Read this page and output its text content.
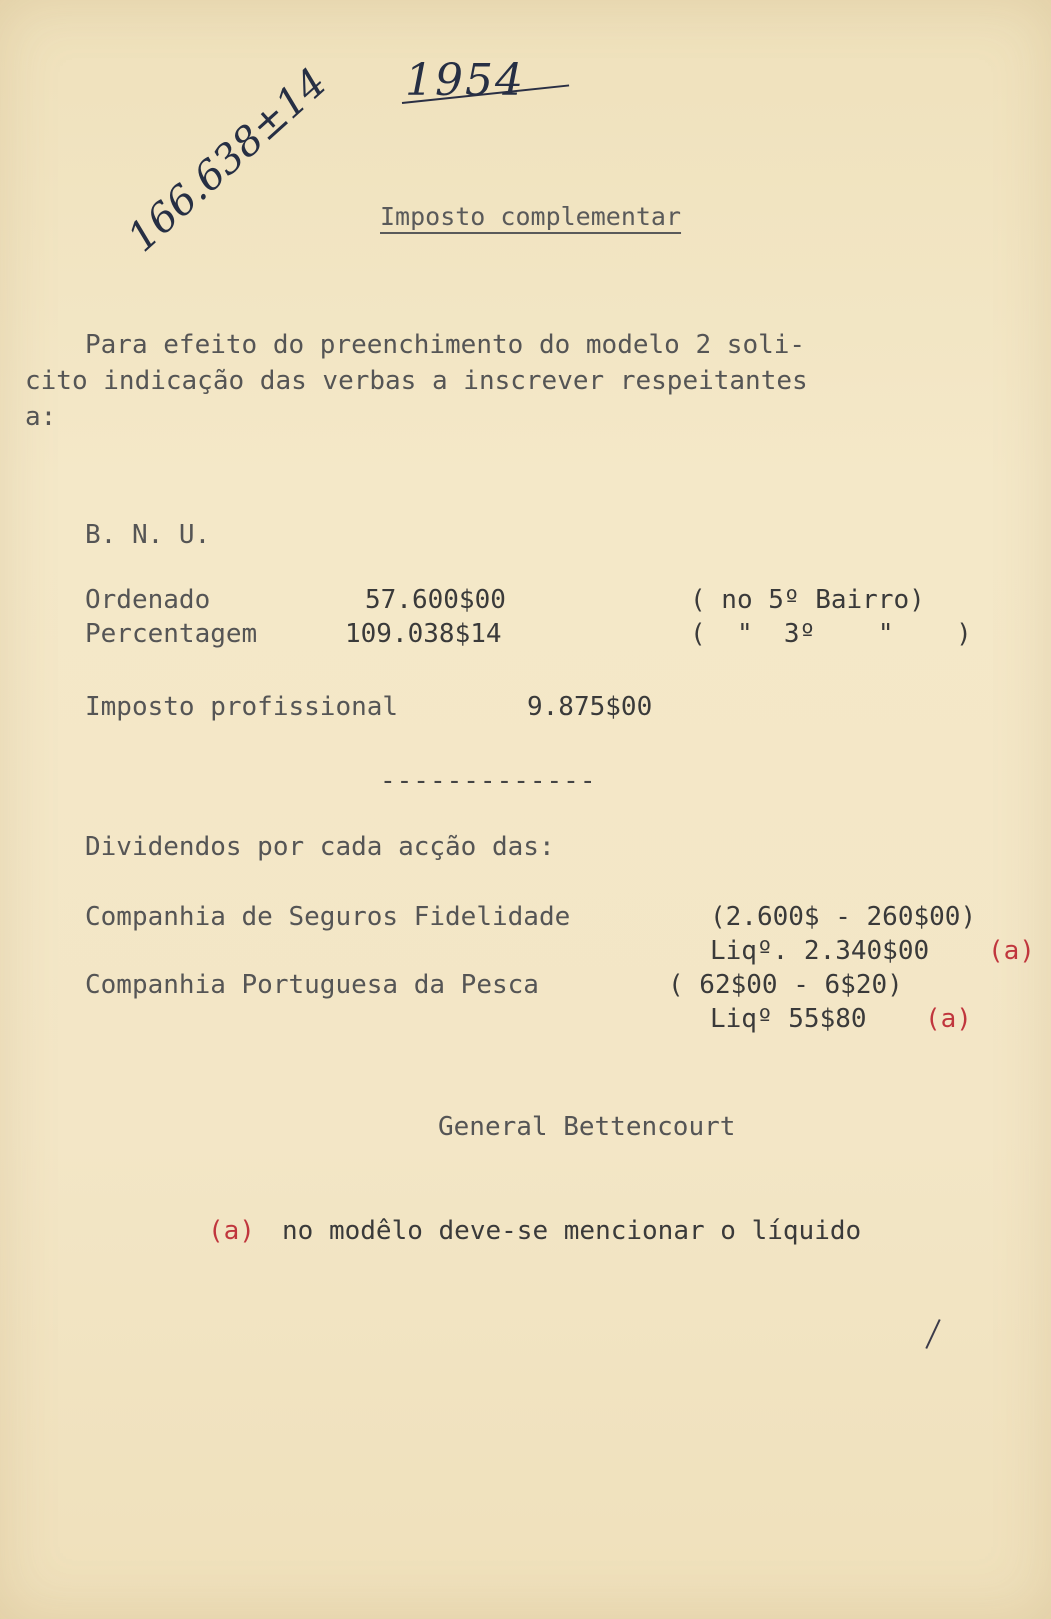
1954
166.638±14 Imposto complementar
Para efeito do preenchimento do modelo 2 soli-
cito indicação das verbas a inscrever respeitantes
a:
B. N. U.
Ordenado	57.600$00	( no 5º Bairro)
Percentagem	109.038$14	(  "  3º    "    )
Imposto profissional	9.875$00
-------------
Dividendos por cada acção das:
Companhia de Seguros Fidelidade	(2.600$ - 260$00)
Liqº. 2.340$00 (a)
Companhia Portuguesa da Pesca	( 62$00 - 6$20)
Liqº 55$80 (a)
General Bettencourt
(a) no modêlo deve-se mencionar o líquido
